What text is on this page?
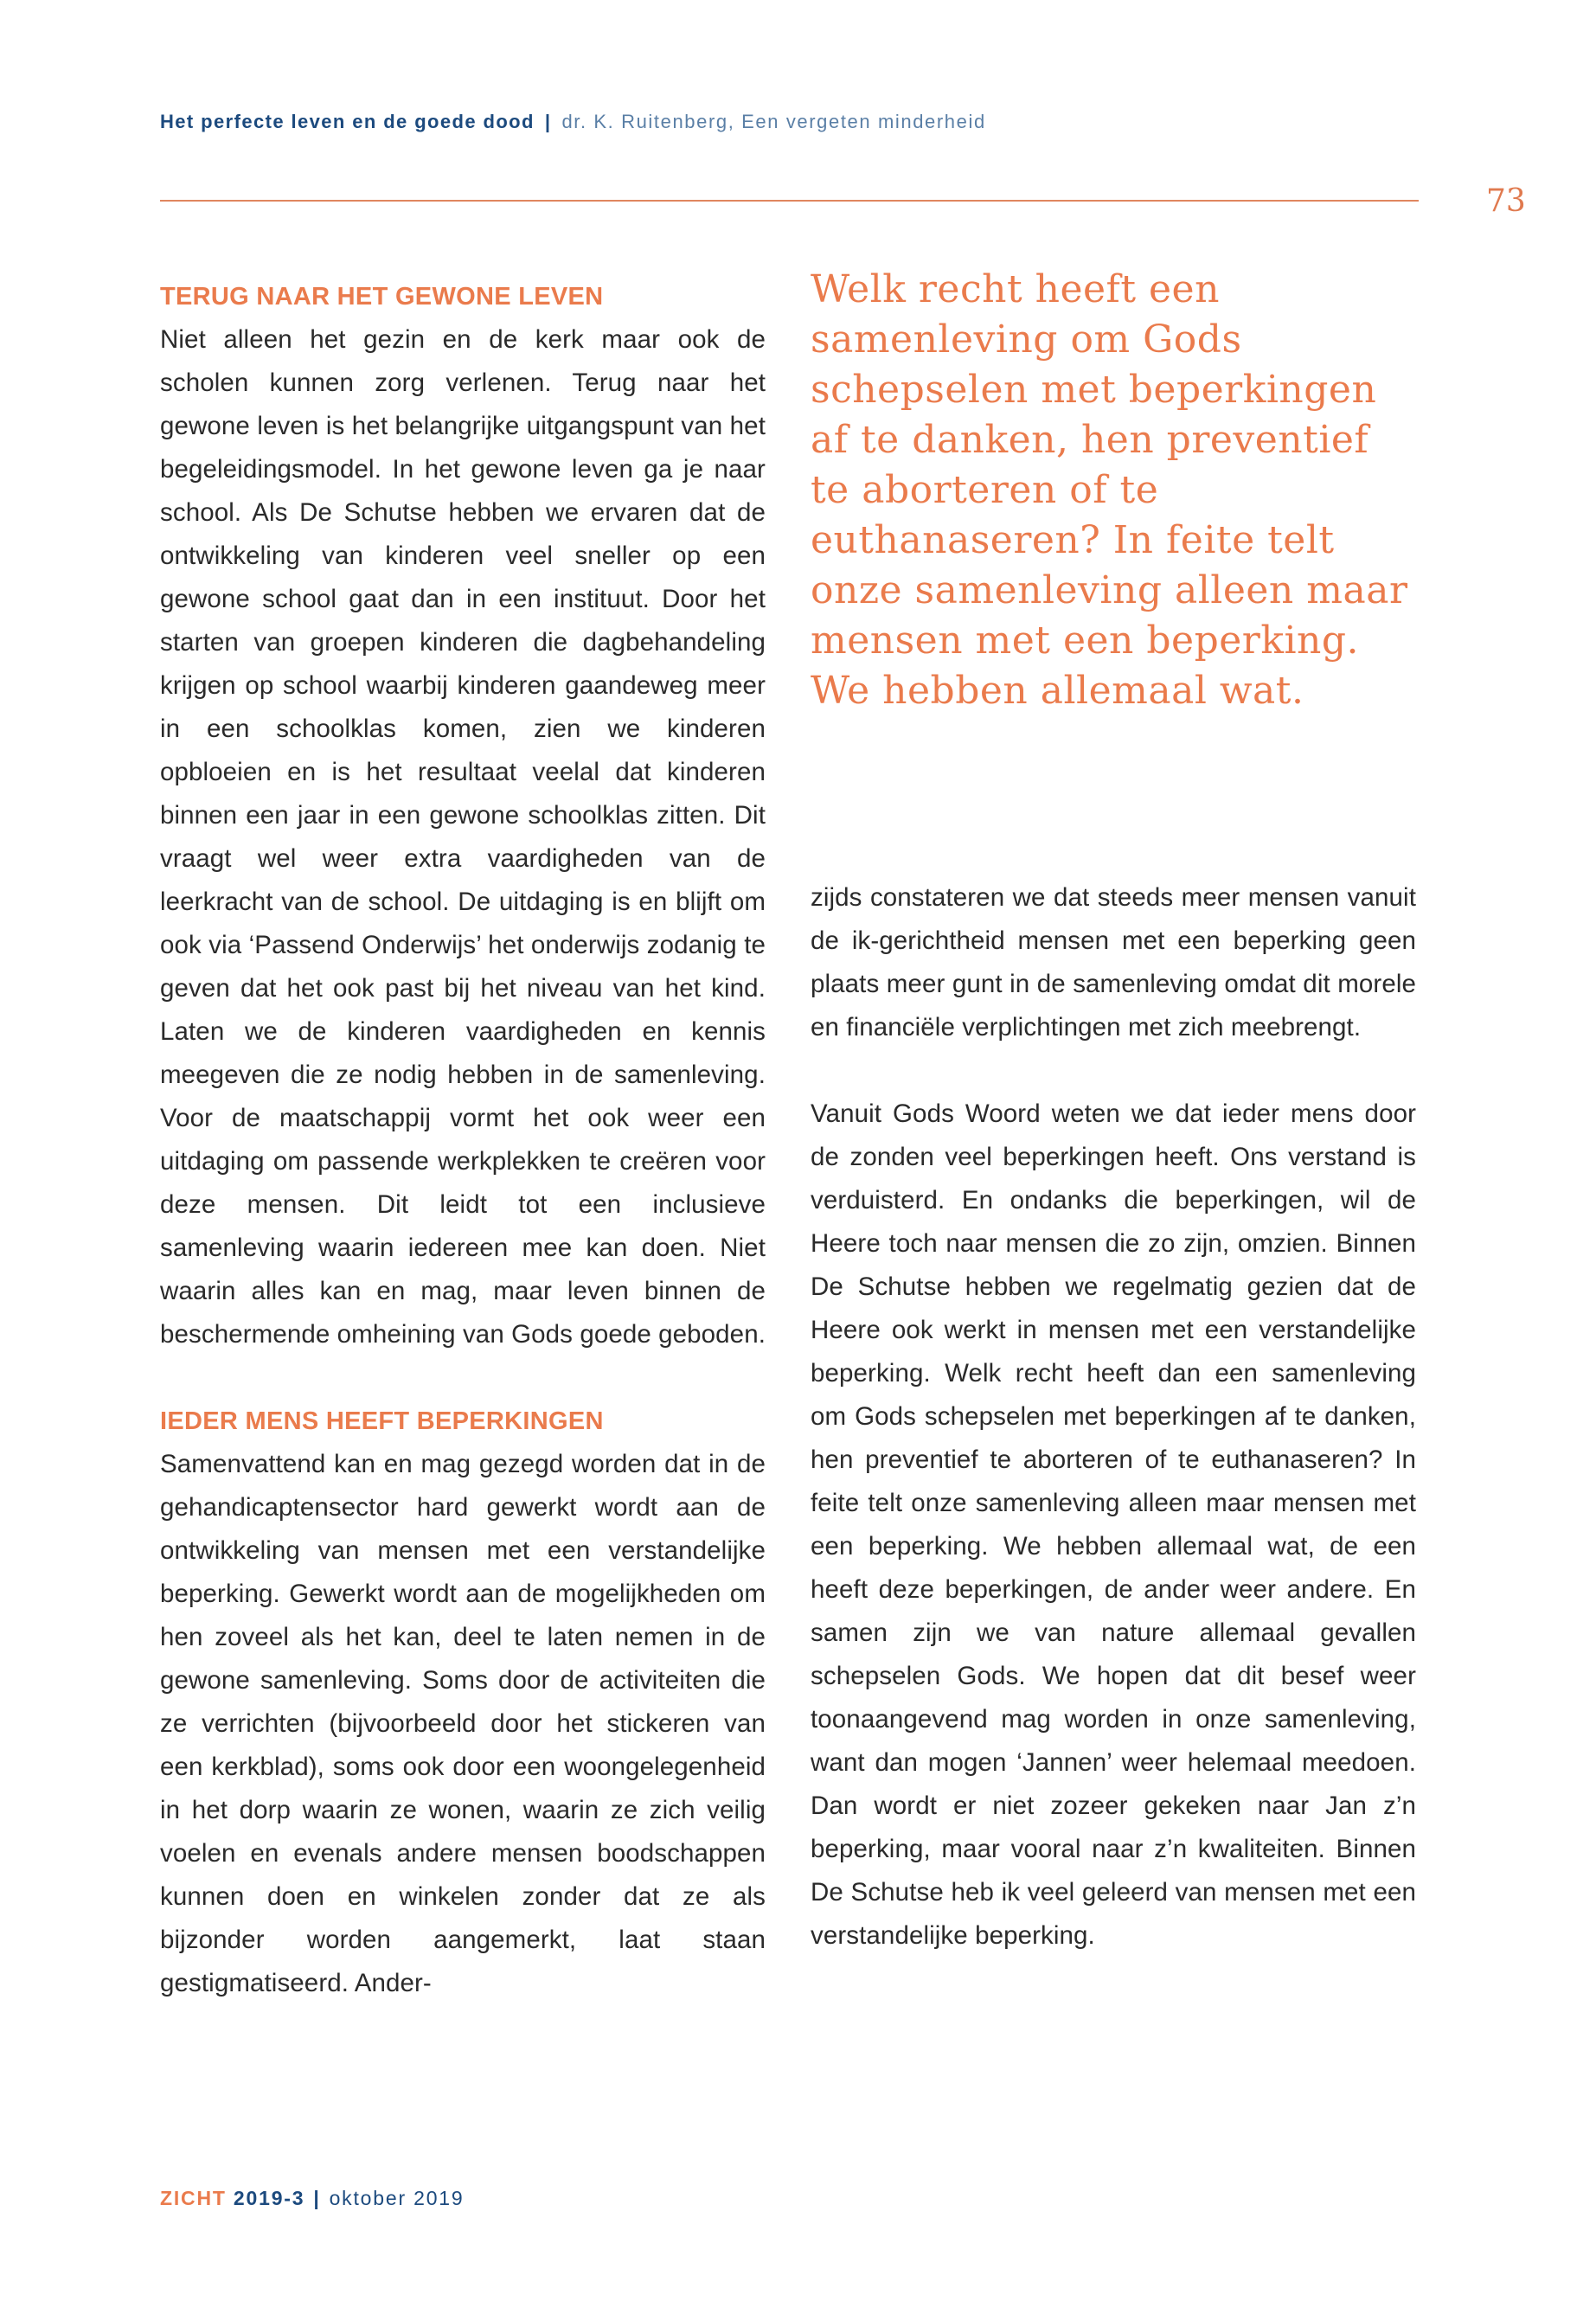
Het perfecte leven en de goede dood | dr. K. Ruitenberg, Een vergeten minderheid
73
TERUG NAAR HET GEWONE LEVEN

Niet alleen het gezin en de kerk maar ook de scholen kunnen zorg verlenen. Terug naar het gewone leven is het belangrijke uitgangspunt van het begeleidingsmodel. In het gewone leven ga je naar school. Als De Schutse hebben we ervaren dat de ontwikkeling van kinderen veel sneller op een gewone school gaat dan in een instituut. Door het starten van groepen kinderen die dagbehandeling krijgen op school waarbij kinderen gaandeweg meer in een schoolklas komen, zien we kinderen opbloeien en is het resultaat veelal dat kinderen binnen een jaar in een gewone schoolklas zitten. Dit vraagt wel weer extra vaardigheden van de leerkracht van de school. De uitdaging is en blijft om ook via ‘Passend Onderwijs’ het onderwijs zodanig te geven dat het ook past bij het niveau van het kind. Laten we de kinderen vaardigheden en kennis meegeven die ze nodig hebben in de samenleving. Voor de maatschappij vormt het ook weer een uitdaging om passende werkplekken te creëren voor deze mensen. Dit leidt tot een inclusieve samenleving waarin iedereen mee kan doen. Niet waarin alles kan en mag, maar leven binnen de beschermende omheining van Gods goede geboden.

IEDER MENS HEEFT BEPERKINGEN

Samenvattend kan en mag gezegd worden dat in de gehandicaptensector hard gewerkt wordt aan de ontwikkeling van mensen met een verstandelijke beperking. Gewerkt wordt aan de mogelijkheden om hen zoveel als het kan, deel te laten nemen in de gewone samenleving. Soms door de activiteiten die ze verrichten (bijvoorbeeld door het stickeren van een kerkblad), soms ook door een woongelegenheid in het dorp waarin ze wonen, waarin ze zich veilig voelen en evenals andere mensen boodschappen kunnen doen en winkelen zonder dat ze als bijzonder worden aangemerkt, laat staan gestigmatiseerd. Ander-

Welk recht heeft een samenleving om Gods schepselen met beperkingen af te danken, hen preventief te aborteren of te euthanaseren? In feite telt onze samenleving alleen maar mensen met een beperking. We hebben allemaal wat.

zijds constateren we dat steeds meer mensen vanuit de ik-gerichtheid mensen met een beperking geen plaats meer gunt in de samenleving omdat dit morele en financiële verplichtingen met zich meebrengt.

Vanuit Gods Woord weten we dat ieder mens door de zonden veel beperkingen heeft. Ons verstand is verduisterd. En ondanks die beperkingen, wil de Heere toch naar mensen die zo zijn, omzien. Binnen De Schutse hebben we regelmatig gezien dat de Heere ook werkt in mensen met een verstandelijke beperking. Welk recht heeft dan een samenleving om Gods schepselen met beperkingen af te danken, hen preventief te aborteren of te euthanaseren? In feite telt onze samenleving alleen maar mensen met een beperking. We hebben allemaal wat, de een heeft deze beperkingen, de ander weer andere. En samen zijn we van nature allemaal gevallen schepselen Gods. We hopen dat dit besef weer toonaangevend mag worden in onze samenleving, want dan mogen ‘Jannen’ weer helemaal meedoen. Dan wordt er niet zozeer gekeken naar Jan z’n beperking, maar vooral naar z’n kwaliteiten. Binnen De Schutse heb ik veel geleerd van mensen met een verstandelijke beperking.

ZICHT 2019-3 | oktober 2019
